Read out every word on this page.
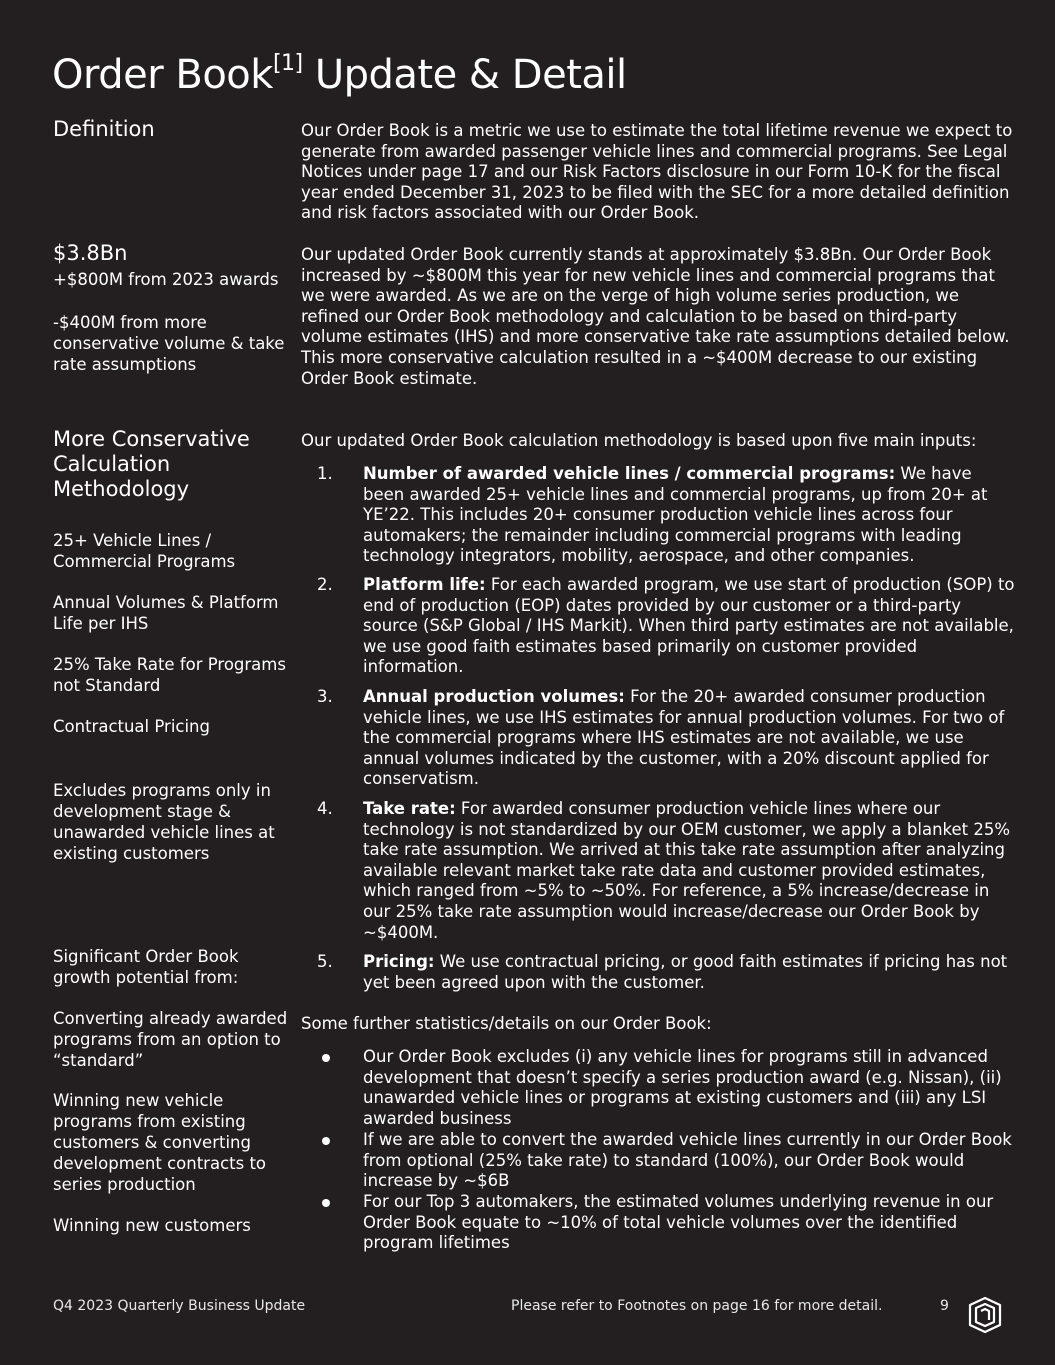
Order Book[1] Update & Detail
Definition
$3.8Bn
+$800M from 2023 awards
-$400M from more conservative volume & take rate assumptions
More Conservative Calculation Methodology
25+ Vehicle Lines / Commercial Programs
Annual Volumes & Platform Life per IHS
25% Take Rate for Programs not Standard
Contractual Pricing
Excludes programs only in development stage & unawarded vehicle lines at existing customers
Significant Order Book growth potential from:
Converting already awarded programs from an option to “standard”
Winning new vehicle programs from existing customers & converting development contracts to series production
Winning new customers
Our Order Book is a metric we use to estimate the total lifetime revenue we expect to generate from awarded passenger vehicle lines and commercial programs. See Legal Notices under page 17 and our Risk Factors disclosure in our Form 10-K for the fiscal year ended December 31, 2023 to be filed with the SEC for a more detailed definition and risk factors associated with our Order Book.
Our updated Order Book currently stands at approximately $3.8Bn. Our Order Book increased by ~$800M this year for new vehicle lines and commercial programs that we were awarded. As we are on the verge of high volume series production, we refined our Order Book methodology and calculation to be based on third-party volume estimates (IHS) and more conservative take rate assumptions detailed below. This more conservative calculation resulted in a ~$400M decrease to our existing Order Book estimate.
Our updated Order Book calculation methodology is based upon five main inputs:
1.	Number of awarded vehicle lines / commercial programs: We have been awarded 25+ vehicle lines and commercial programs, up from 20+ at YE’22. This includes 20+ consumer production vehicle lines across four automakers; the remainder including commercial programs with leading technology integrators, mobility, aerospace, and other companies.
2.	Platform life: For each awarded program, we use start of production (SOP) to end of production (EOP) dates provided by our customer or a third-party source (S&P Global / IHS Markit). When third party estimates are not available, we use good faith estimates based primarily on customer provided information.
3.	Annual production volumes: For the 20+ awarded consumer production vehicle lines, we use IHS estimates for annual production volumes. For two of the commercial programs where IHS estimates are not available, we use annual volumes indicated by the customer, with a 20% discount applied for conservatism.
4.	Take rate: For awarded consumer production vehicle lines where our technology is not standardized by our OEM customer, we apply a blanket 25% take rate assumption. We arrived at this take rate assumption after analyzing available relevant market take rate data and customer provided estimates, which ranged from ~5% to ~50%. For reference, a 5% increase/decrease in our 25% take rate assumption would increase/decrease our Order Book by ~$400M.
5.	Pricing: We use contractual pricing, or good faith estimates if pricing has not yet been agreed upon with the customer.
Some further statistics/details on our Order Book:
Our Order Book excludes (i) any vehicle lines for programs still in advanced development that doesn’t specify a series production award (e.g. Nissan), (ii) unawarded vehicle lines or programs at existing customers and (iii) any LSI awarded business
If we are able to convert the awarded vehicle lines currently in our Order Book from optional (25% take rate) to standard (100%), our Order Book would increase by ~$6B
For our Top 3 automakers, the estimated volumes underlying revenue in our Order Book equate to ~10% of total vehicle volumes over the identified program lifetimes
Q4 2023 Quarterly Business Update	Please refer to Footnotes on page 16 for more detail.	9
